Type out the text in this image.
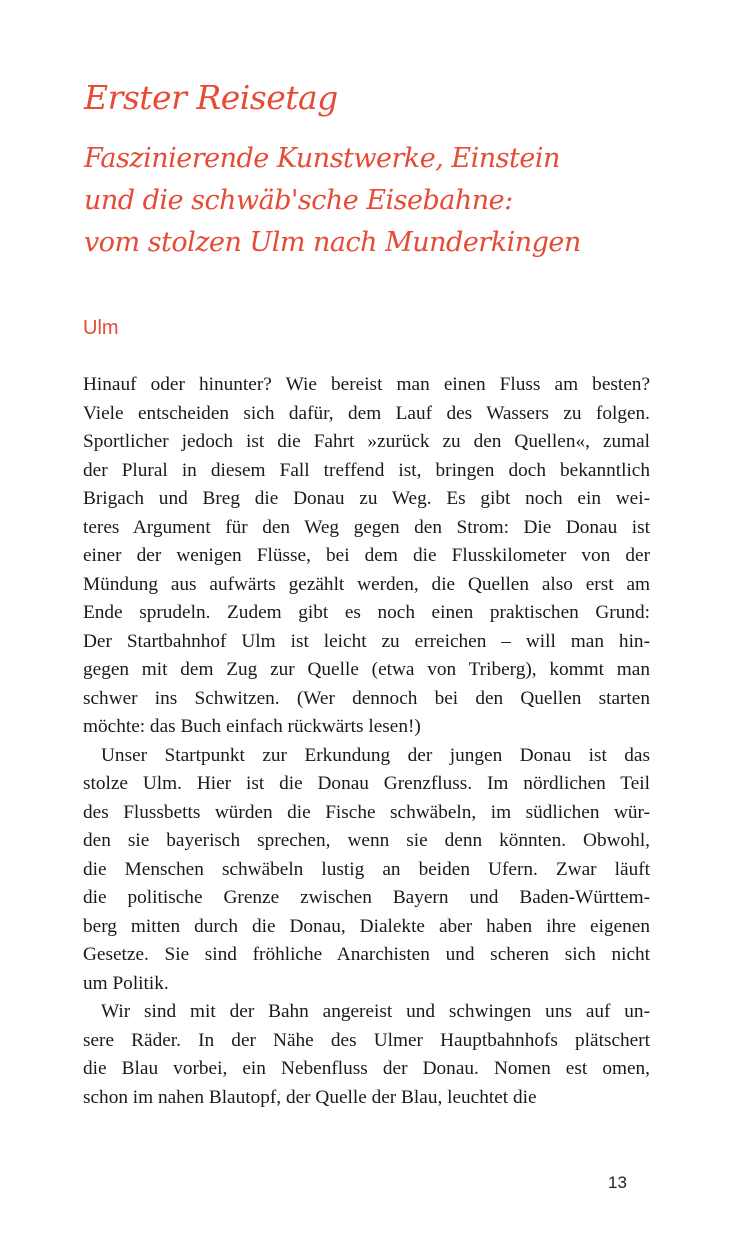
Erster Reisetag
Faszinierende Kunstwerke, Einstein
und die schwäb'sche Eisebahne:
vom stolzen Ulm nach Munderkingen
Ulm
Hinauf oder hinunter? Wie bereist man einen Fluss am besten?
Viele entscheiden sich dafür, dem Lauf des Wassers zu folgen.
Sportlicher jedoch ist die Fahrt »zurück zu den Quellen«, zumal
der Plural in diesem Fall treffend ist, bringen doch bekanntlich
Brigach und Breg die Donau zu Weg. Es gibt noch ein wei-
teres Argument für den Weg gegen den Strom: Die Donau ist
einer der wenigen Flüsse, bei dem die Flusskilometer von der
Mündung aus aufwärts gezählt werden, die Quellen also erst am
Ende sprudeln. Zudem gibt es noch einen praktischen Grund:
Der Startbahnhof Ulm ist leicht zu erreichen – will man hin-
gegen mit dem Zug zur Quelle (etwa von Triberg), kommt man
schwer ins Schwitzen. (Wer dennoch bei den Quellen starten
möchte: das Buch einfach rückwärts lesen!)
Unser Startpunkt zur Erkundung der jungen Donau ist das
stolze Ulm. Hier ist die Donau Grenzfluss. Im nördlichen Teil
des Flussbetts würden die Fische schwäbeln, im südlichen wür-
den sie bayerisch sprechen, wenn sie denn könnten. Obwohl,
die Menschen schwäbeln lustig an beiden Ufern. Zwar läuft
die politische Grenze zwischen Bayern und Baden-Württem-
berg mitten durch die Donau, Dialekte aber haben ihre eigenen
Gesetze. Sie sind fröhliche Anarchisten und scheren sich nicht
um Politik.
Wir sind mit der Bahn angereist und schwingen uns auf un-
sere Räder. In der Nähe des Ulmer Hauptbahnhofs plätschert
die Blau vorbei, ein Nebenfluss der Donau. Nomen est omen,
schon im nahen Blautopf, der Quelle der Blau, leuchtet die
13
